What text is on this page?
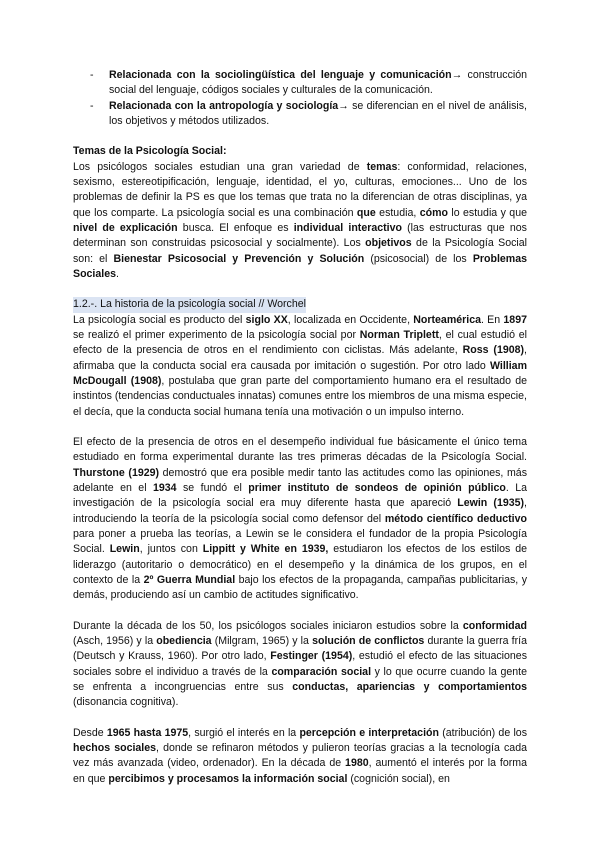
- Relacionada con la sociolingüística del lenguaje y comunicación→ construcción social del lenguaje, códigos sociales y culturales de la comunicación.
- Relacionada con la antropología y sociología→ se diferencian en el nivel de análisis, los objetivos y métodos utilizados.

Temas de la Psicología Social:

Los psicólogos sociales estudian una gran variedad de temas: conformidad, relaciones, sexismo, estereotipificación, lenguaje, identidad, el yo, culturas, emociones... Uno de los problemas de definir la PS es que los temas que trata no la diferencian de otras disciplinas, ya que los comparte. La psicología social es una combinación que estudia, cómo lo estudia y que nivel de explicación busca. El enfoque es individual interactivo (las estructuras que nos determinan son construidas psicosocial y socialmente). Los objetivos de la Psicología Social son: el Bienestar Psicosocial y Prevención y Solución (psicosocial) de los Problemas Sociales.

1.2.-. La historia de la psicología social // Worchel

La psicología social es producto del siglo XX, localizada en Occidente, Norteamérica. En 1897 se realizó el primer experimento de la psicología social por Norman Triplett, el cual estudió el efecto de la presencia de otros en el rendimiento con ciclistas. Más adelante, Ross (1908), afirmaba que la conducta social era causada por imitación o sugestión. Por otro lado William McDougall (1908), postulaba que gran parte del comportamiento humano era el resultado de instintos (tendencias conductuales innatas) comunes entre los miembros de una misma especie, el decía, que la conducta social humana tenía una motivación o un impulso interno.

El efecto de la presencia de otros en el desempeño individual fue básicamente el único tema estudiado en forma experimental durante las tres primeras décadas de la Psicología Social. Thurstone (1929) demostró que era posible medir tanto las actitudes como las opiniones, más adelante en el 1934 se fundó el primer instituto de sondeos de opinión público. La investigación de la psicología social era muy diferente hasta que apareció Lewin (1935), introduciendo la teoría de la psicología social como defensor del método científico deductivo para poner a prueba las teorías, a Lewin se le considera el fundador de la propia Psicología Social. Lewin, juntos con Lippitt y White en 1939, estudiaron los efectos de los estilos de liderazgo (autoritario o democrático) en el desempeño y la dinámica de los grupos, en el contexto de la 2º Guerra Mundial bajo los efectos de la propaganda, campañas publicitarias, y demás, produciendo así un cambio de actitudes significativo.

Durante la década de los 50, los psicólogos sociales iniciaron estudios sobre la conformidad (Asch, 1956) y la obediencia (Milgram, 1965) y la solución de conflictos durante la guerra fría (Deutsch y Krauss, 1960). Por otro lado, Festinger (1954), estudió el efecto de las situaciones sociales sobre el individuo a través de la comparación social y lo que ocurre cuando la gente se enfrenta a incongruencias entre sus conductas, apariencias y comportamientos (disonancia cognitiva).

Desde 1965 hasta 1975, surgió el interés en la percepción e interpretación (atribución) de los hechos sociales, donde se refinaron métodos y pulieron teorías gracias a la tecnología cada vez más avanzada (video, ordenador). En la década de 1980, aumentó el interés por la forma en que percibimos y procesamos la información social (cognición social), en
